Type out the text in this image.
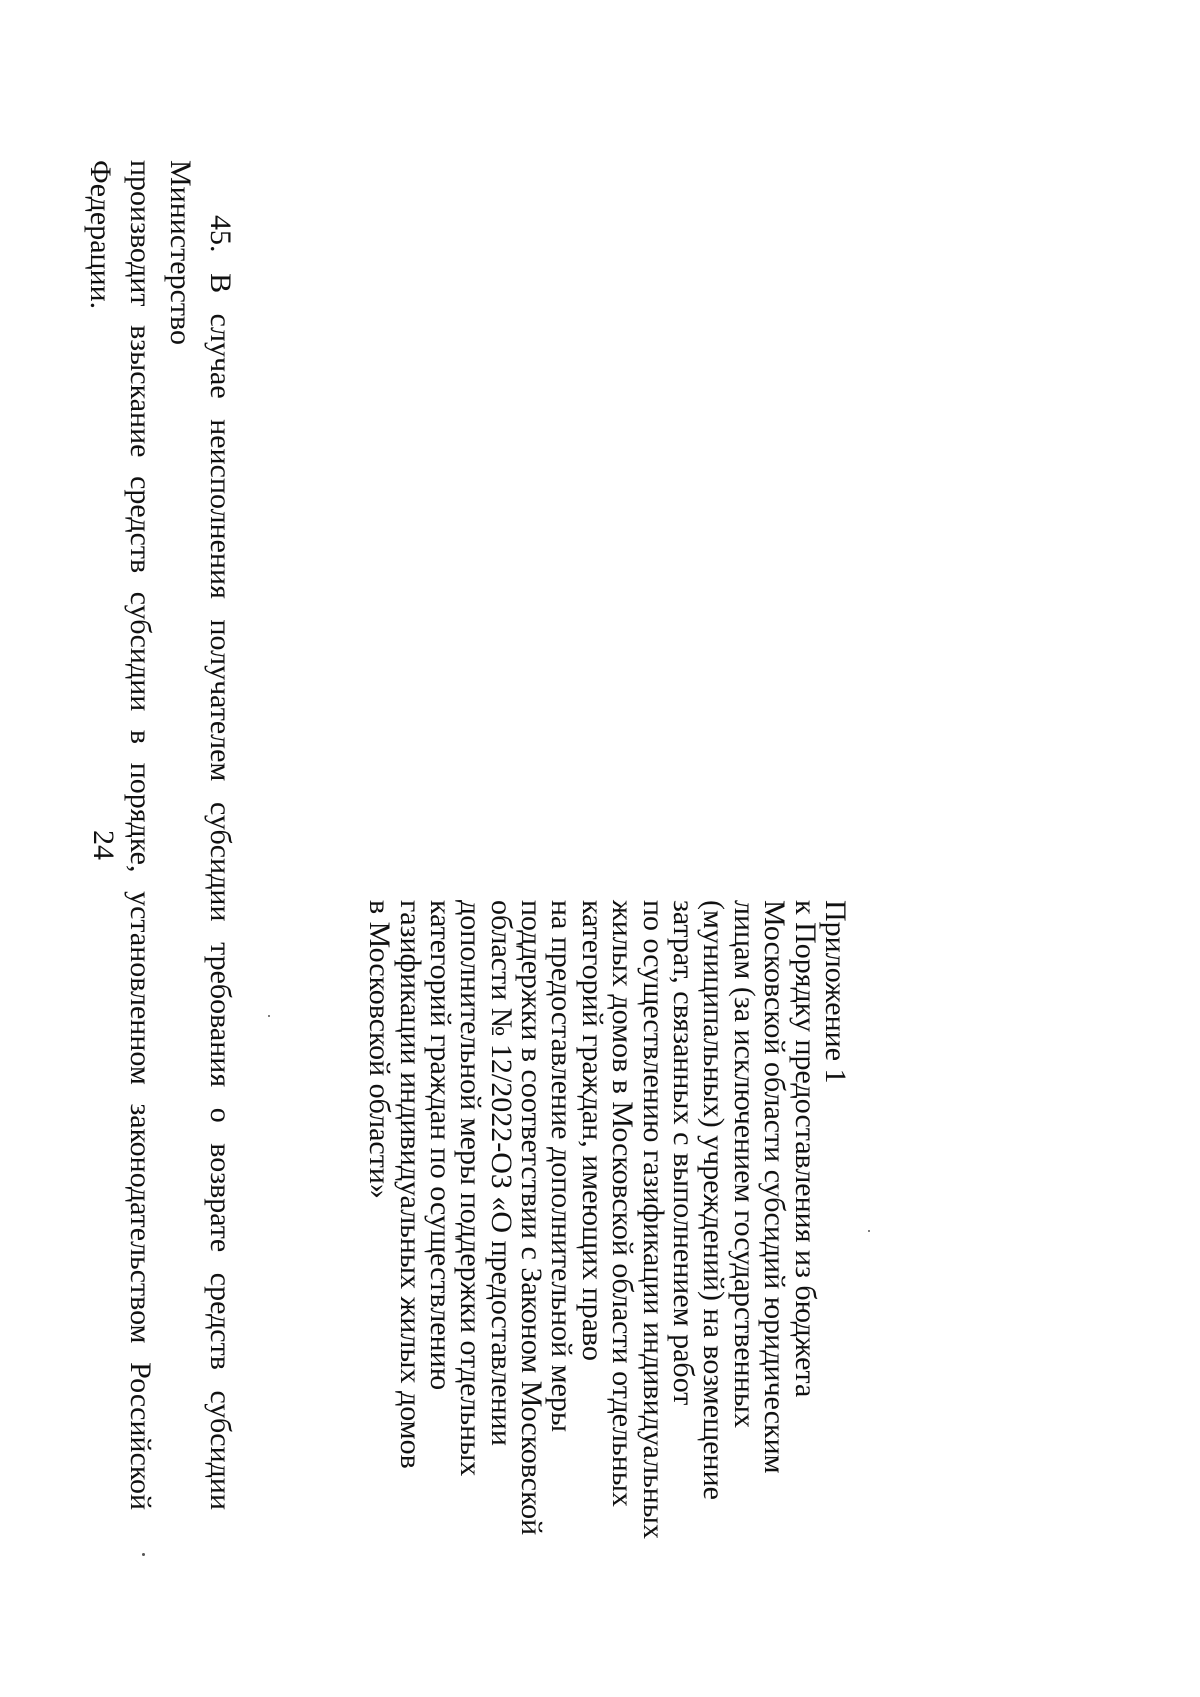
24	45. В случае неисполнения получателем субсидии требования о возврате средств субсидии Министерство
производит взыскание средств субсидии в порядке, установленном законодательством Российской Федерации.
Приложение 1
к Порядку предоставления из бюджета
Московской области субсидий юридическим
лицам (за исключением государственных
(муниципальных) учреждений) на возмещение
затрат, связанных с выполнением работ
по осуществлению газификации индивидуальных
жилых домов в Московской области отдельных
категорий граждан, имеющих право
на предоставление дополнительной меры
поддержки в соответствии с Законом Московской
области № 12/2022-ОЗ «О предоставлении
дополнительной меры поддержки отдельных
категорий граждан по осуществлению
газификации индивидуальных жилых домов
в Московской области»
